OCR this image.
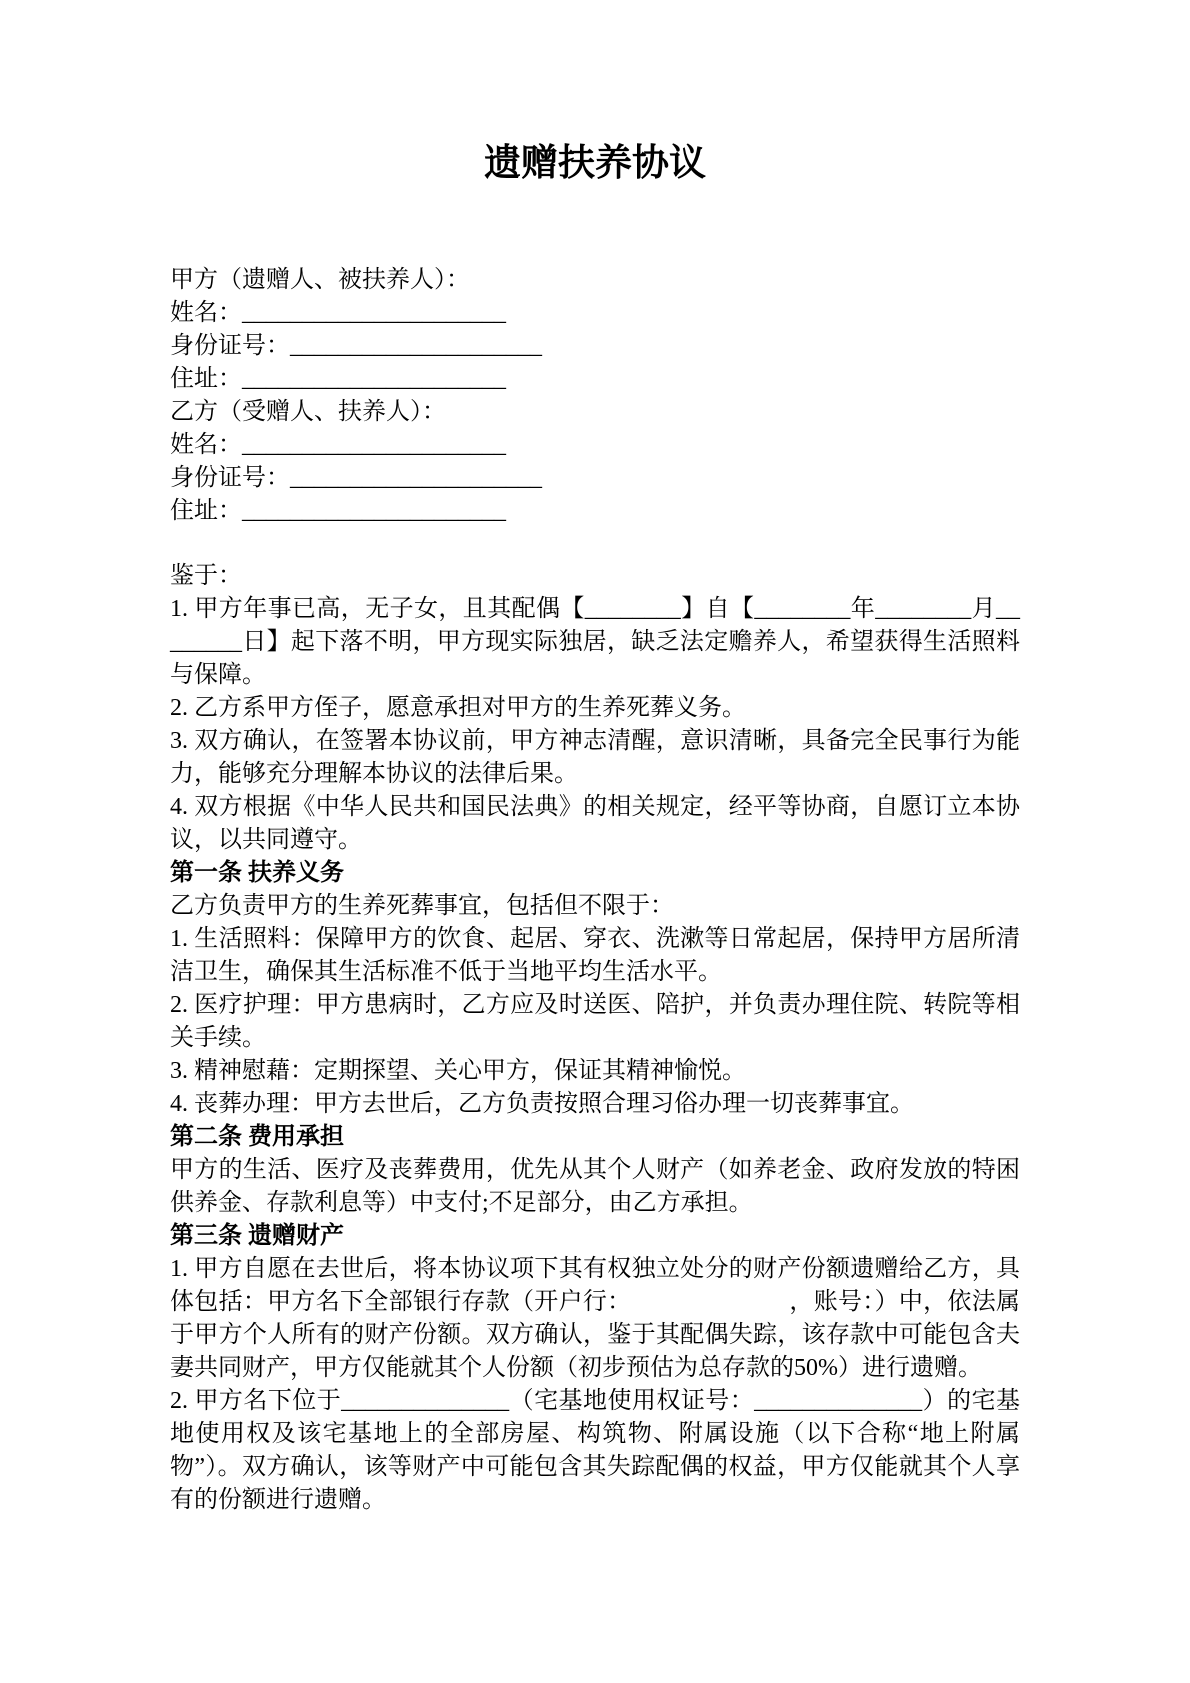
遗赠扶养协议

甲方（遗赠人、被扶养人）：

姓名：______________________

身份证号：_____________________

住址：______________________

乙方（受赠人、扶养人）：

姓名：______________________

身份证号：_____________________

住址：______________________

鉴于：

1. 甲方年事已高，无子女，且其配偶【________】自【________年________月________日】起下落不明，甲方现实际独居，缺乏法定赡养人，希望获得生活照料与保障。

2. 乙方系甲方侄子，愿意承担对甲方的生养死葬义务。

3. 双方确认，在签署本协议前，甲方神志清醒，意识清晰，具备完全民事行为能力，能够充分理解本协议的法律后果。

4. 双方根据《中华人民共和国民法典》的相关规定，经平等协商，自愿订立本协议，以共同遵守。

第一条 扶养义务

乙方负责甲方的生养死葬事宜，包括但不限于：

1. 生活照料：保障甲方的饮食、起居、穿衣、洗漱等日常起居，保持甲方居所清洁卫生，确保其生活标准不低于当地平均生活水平。

2. 医疗护理：甲方患病时，乙方应及时送医、陪护，并负责办理住院、转院等相关手续。

3. 精神慰藉：定期探望、关心甲方，保证其精神愉悦。

4. 丧葬办理：甲方去世后，乙方负责按照合理习俗办理一切丧葬事宜。

第二条 费用承担

甲方的生活、医疗及丧葬费用，优先从其个人财产（如养老金、政府发放的特困供养金、存款利息等）中支付;不足部分，由乙方承担。

第三条 遗赠财产

1. 甲方自愿在去世后，将本协议项下其有权独立处分的财产份额遗赠给乙方，具体包括：甲方名下全部银行存款（开户行：　　　　　　　，账号：）中，依法属于甲方个人所有的财产份额。双方确认，鉴于其配偶失踪，该存款中可能包含夫妻共同财产，甲方仅能就其个人份额（初步预估为总存款的50%）进行遗赠。

2. 甲方名下位于______________（宅基地使用权证号：______________）的宅基地使用权及该宅基地上的全部房屋、构筑物、附属设施（以下合称“地上附属物”）。双方确认，该等财产中可能包含其失踪配偶的权益，甲方仅能就其个人享有的份额进行遗赠。
